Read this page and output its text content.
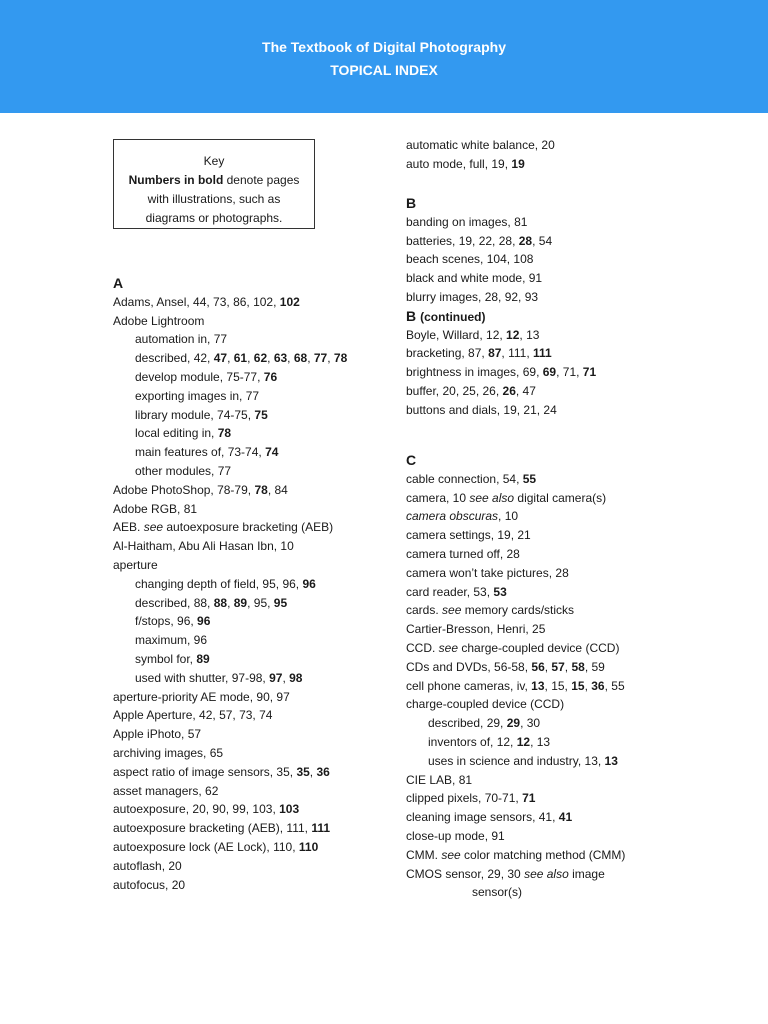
The Textbook of Digital Photography
TOPICAL INDEX
Key
Numbers in bold denote pages
with illustrations, such as
diagrams or photographs.
A
Adams, Ansel, 44, 73, 86, 102, 102
Adobe Lightroom
automation in, 77
described, 42, 47, 61, 62, 63, 68, 77, 78
develop module, 75-77, 76
exporting images in, 77
library module, 74-75, 75
local editing in, 78
main features of, 73-74, 74
other modules, 77
Adobe PhotoShop, 78-79, 78, 84
Adobe RGB, 81
AEB. see autoexposure bracketing (AEB)
Al-Haitham, Abu Ali Hasan Ibn, 10
aperture
changing depth of field, 95, 96, 96
described, 88, 88, 89, 95, 95
f/stops, 96, 96
maximum, 96
symbol for, 89
used with shutter, 97-98, 97, 98
aperture-priority AE mode, 90, 97
Apple Aperture, 42, 57, 73, 74
Apple iPhoto, 57
archiving images, 65
aspect ratio of image sensors, 35, 35, 36
asset managers, 62
autoexposure, 20, 90, 99, 103, 103
autoexposure bracketing (AEB), 111, 111
autoexposure lock (AE Lock), 110, 110
autoflash, 20
autofocus, 20
automatic white balance, 20
auto mode, full, 19, 19
B
banding on images, 81
batteries, 19, 22, 28, 28, 54
beach scenes, 104, 108
black and white mode, 91
blurry images, 28, 92, 93
B (continued)
Boyle, Willard, 12, 12, 13
bracketing, 87, 87, 111, 111
brightness in images, 69, 69, 71, 71
buffer, 20, 25, 26, 26, 47
buttons and dials, 19, 21, 24
C
cable connection, 54, 55
camera, 10 see also digital camera(s)
camera obscuras, 10
camera settings, 19, 21
camera turned off, 28
camera won’t take pictures, 28
card reader, 53, 53
cards. see memory cards/sticks
Cartier-Bresson, Henri, 25
CCD. see charge-coupled device (CCD)
CDs and DVDs, 56-58, 56, 57, 58, 59
cell phone cameras, iv, 13, 15, 15, 36, 55
charge-coupled device (CCD)
described, 29, 29, 30
inventors of, 12, 12, 13
uses in science and industry, 13, 13
CIE LAB, 81
clipped pixels, 70-71, 71
cleaning image sensors, 41, 41
close-up mode, 91
CMM. see color matching method (CMM)
CMOS sensor, 29, 30 see also image
sensor(s)
